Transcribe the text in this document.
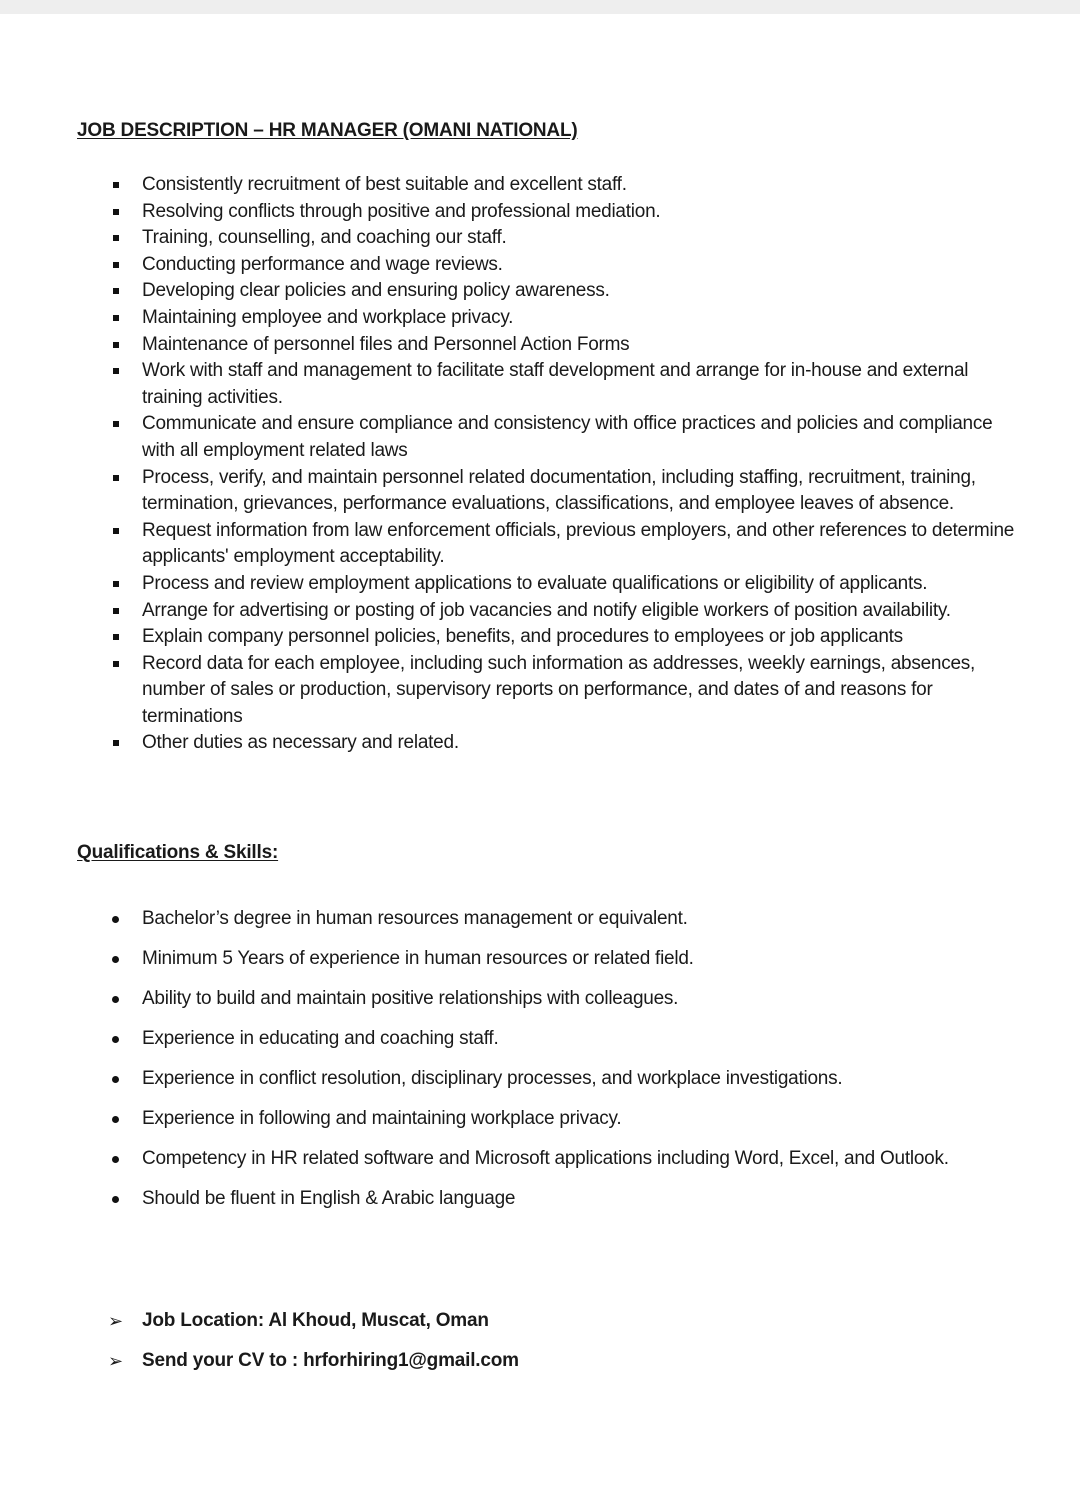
JOB DESCRIPTION – HR MANAGER (OMANI NATIONAL)
Consistently recruitment of best suitable and excellent staff.
Resolving conflicts through positive and professional mediation.
Training, counselling, and coaching our staff.
Conducting performance and wage reviews.
Developing clear policies and ensuring policy awareness.
Maintaining employee and workplace privacy.
Maintenance of personnel files and Personnel Action Forms
Work with staff and management to facilitate staff development and arrange for in-house and external training activities.
Communicate and ensure compliance and consistency with office practices and policies and compliance with all employment related laws
Process, verify, and maintain personnel related documentation, including staffing, recruitment, training, termination, grievances, performance evaluations, classifications, and employee leaves of absence.
Request information from law enforcement officials, previous employers, and other references to determine applicants' employment acceptability.
Process and review employment applications to evaluate qualifications or eligibility of applicants.
Arrange for advertising or posting of job vacancies and notify eligible workers of position availability.
Explain company personnel policies, benefits, and procedures to employees or job applicants
Record data for each employee, including such information as addresses, weekly earnings, absences, number of sales or production, supervisory reports on performance, and dates of and reasons for terminations
Other duties as necessary and related.
Qualifications & Skills:
Bachelor’s degree in human resources management or equivalent.
Minimum 5 Years of experience in human resources or related field.
Ability to build and maintain positive relationships with colleagues.
Experience in educating and coaching staff.
Experience in conflict resolution, disciplinary processes, and workplace investigations.
Experience in following and maintaining workplace privacy.
Competency in HR related software and Microsoft applications including Word, Excel, and Outlook.
Should be fluent in English & Arabic language
➢ Job Location: Al Khoud, Muscat, Oman
➢ Send your CV to : hrforhiring1@gmail.com
